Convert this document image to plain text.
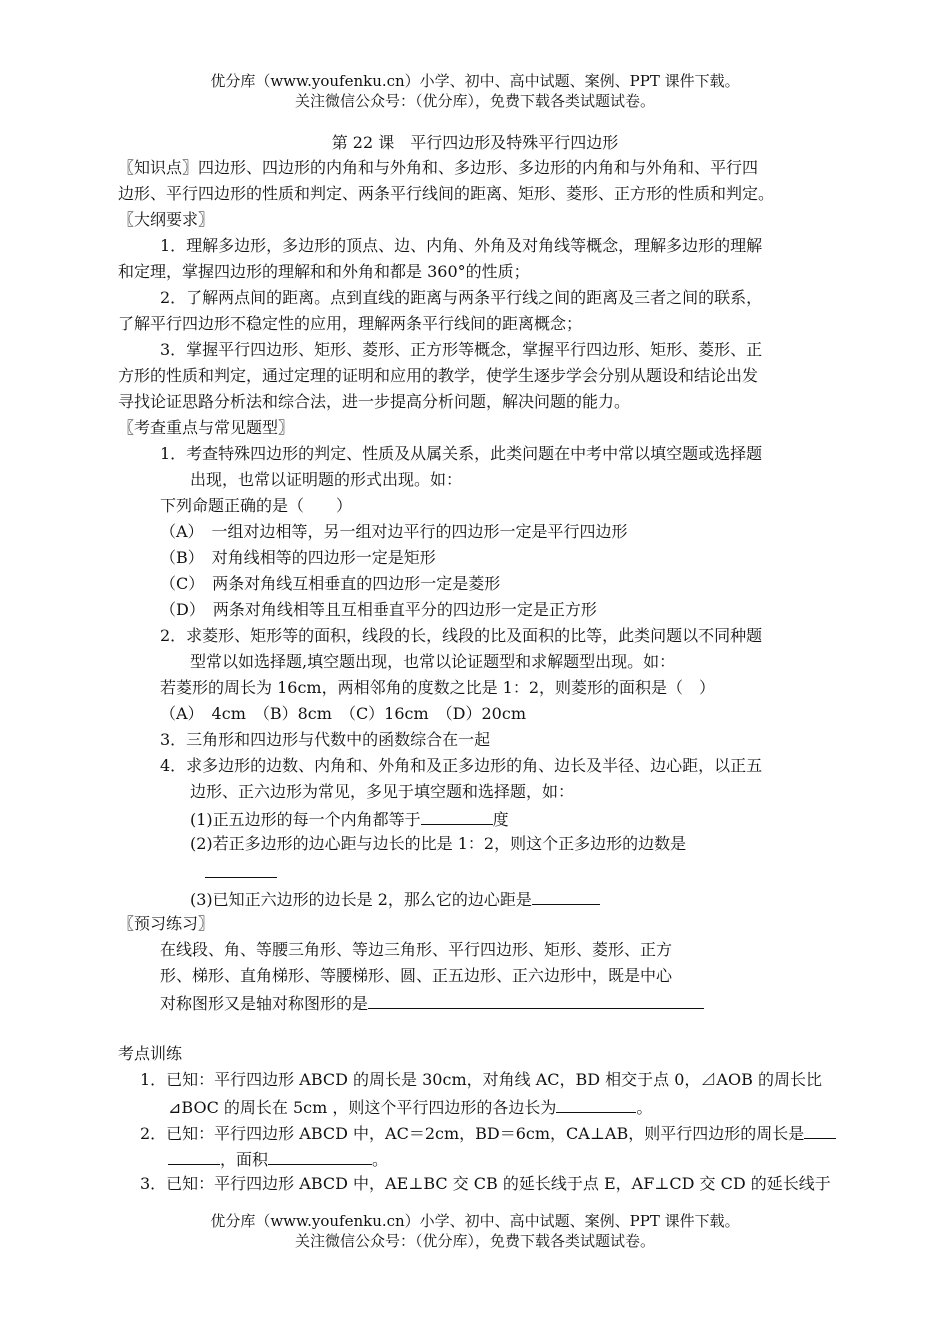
优分库（www.youfenku.cn）小学、初中、高中试题、案例、PPT 课件下载。
关注微信公众号：（优分库），免费下载各类试题试卷。
第 22 课　平行四边形及特殊平行四边形
〖知识点〗四边形、四边形的内角和与外角和、多边形、多边形的内角和与外角和、平行四
边形、平行四边形的性质和判定、两条平行线间的距离、矩形、菱形、正方形的性质和判定。
〖大纲要求〗
1．理解多边形，多边形的顶点、边、内角、外角及对角线等概念，理解多边形的理解
和定理，掌握四边形的理解和和外角和都是 360°的性质；
2．了解两点间的距离。点到直线的距离与两条平行线之间的距离及三者之间的联系，
了解平行四边形不稳定性的应用，理解两条平行线间的距离概念；
3．掌握平行四边形、矩形、菱形、正方形等概念，掌握平行四边形、矩形、菱形、正
方形的性质和判定，通过定理的证明和应用的教学，使学生逐步学会分别从题设和结论出发
寻找论证思路分析法和综合法，进一步提高分析问题，解决问题的能力。
〖考查重点与常见题型〗
1．考查特殊四边形的判定、性质及从属关系，此类问题在中考中常以填空题或选择题
出现，也常以证明题的形式出现。如：
下列命题正确的是（　　）
（A）　一组对边相等，另一组对边平行的四边形一定是平行四边形
（B）　对角线相等的四边形一定是矩形
（C）　两条对角线互相垂直的四边形一定是菱形
（D）　两条对角线相等且互相垂直平分的四边形一定是正方形
2．求菱形、矩形等的面积，线段的长，线段的比及面积的比等，此类问题以不同种题
型常以如选择题,填空题出现，也常以论证题型和求解题型出现。如：
若菱形的周长为 16cm，两相邻角的度数之比是 1：2，则菱形的面积是（　）
（A）　4cm　（B）8cm　（C）16cm　（D）20cm
3．三角形和四边形与代数中的函数综合在一起
4．求多边形的边数、内角和、外角和及正多边形的角、边长及半径、边心距，以正五
边形、正六边形为常见，多见于填空题和选择题，如：
(1)正五边形的每一个内角都等于	度
(2)若正多边形的边心距与边长的比是 1：2，则这个正多边形的边数是
(3)已知正六边形的边长是 2，那么它的边心距是
〖预习练习〗
在线段、角、等腰三角形、等边三角形、平行四边形、矩形、菱形、正方
形、梯形、直角梯形、等腰梯形、圆、正五边形、正六边形中，既是中心
对称图形又是轴对称图形的是
考点训练
1．已知：平行四边形 ABCD 的周长是 30cm，对角线 AC，BD 相交于点 0，⊿AOB 的周长比
⊿BOC 的周长在 5cm ，则这个平行四边形的各边长为	。
2．已知：平行四边形 ABCD 中，AC＝2cm，BD＝6cm，CA⊥AB，则平行四边形的周长是
，面积	。
3．已知：平行四边形 ABCD 中，AE⊥BC 交 CB 的延长线于点 E，AF⊥CD 交 CD 的延长线于
优分库（www.youfenku.cn）小学、初中、高中试题、案例、PPT 课件下载。
关注微信公众号：（优分库），免费下载各类试题试卷。
